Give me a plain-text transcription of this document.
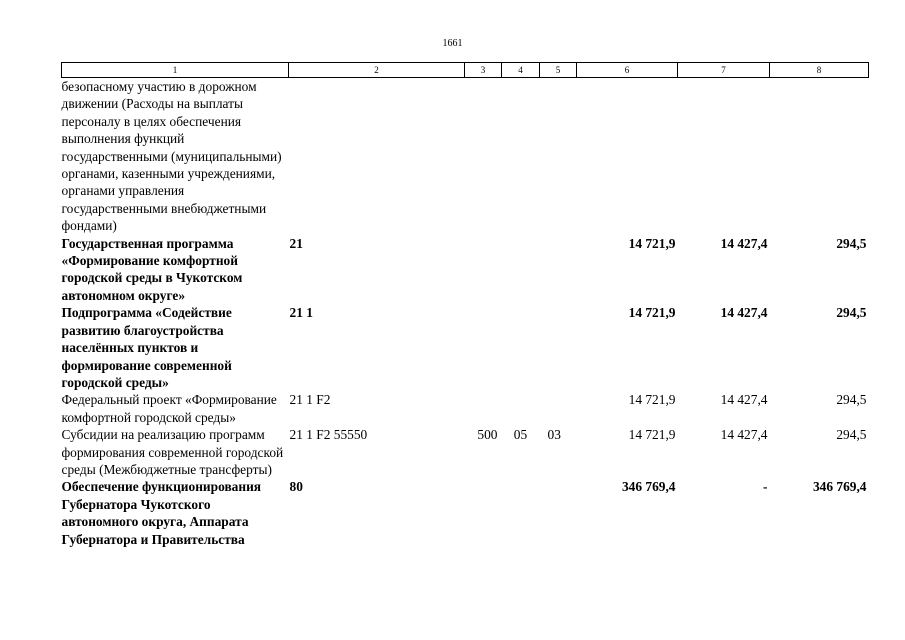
1661
1	2	3	4	5	6	7	8
безопасному участию в дорожном движении (Расходы на выплаты персоналу в целях обеспечения выполнения функций государственными (муниципальными) органами, казенными учреждениями, органами управления государственными внебюджетными фондами)							
Государственная программа «Формирование комфортной городской среды в Чукотском автономном округе»	21				14 721,9	14 427,4	294,5
Подпрограмма «Содействие развитию благоустройства населённых пунктов и формирование современной городской среды»	21 1				14 721,9	14 427,4	294,5
Федеральный проект «Формирование комфортной городской среды»	21 1 F2				14 721,9	14 427,4	294,5
Субсидии на реализацию программ формирования современной городской среды (Межбюджетные трансферты)	21 1 F2 55550	500	05	03	14 721,9	14 427,4	294,5
Обеспечение функционирования Губернатора Чукотского автономного округа, Аппарата Губернатора и Правительства	80				346 769,4	-	346 769,4
